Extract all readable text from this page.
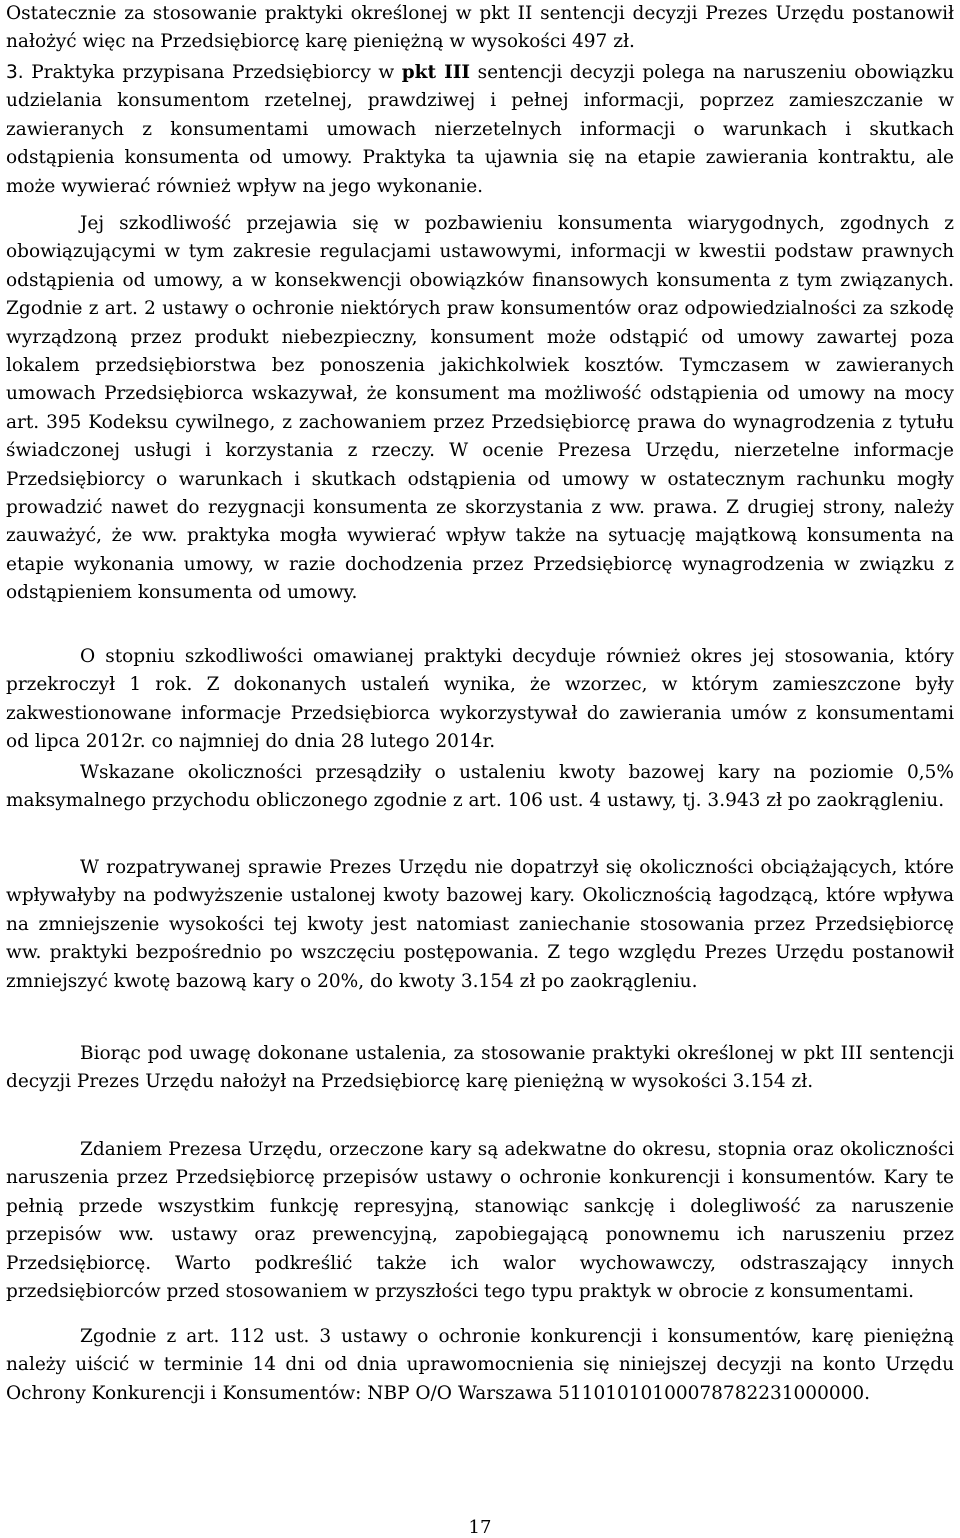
Ostatecznie za stosowanie praktyki określonej w pkt II sentencji decyzji Prezes Urzędu postanowił nałożyć więc na Przedsiębiorcę karę pieniężną w wysokości 497 zł.

3. Praktyka przypisana Przedsiębiorcy w pkt III sentencji decyzji polega na naruszeniu obowiązku udzielania konsumentom rzetelnej, prawdziwej i pełnej informacji, poprzez zamieszczanie w zawieranych z konsumentami umowach nierzetelnych informacji o warunkach i skutkach odstąpienia konsumenta od umowy. Praktyka ta ujawnia się na etapie zawierania kontraktu, ale może wywierać również wpływ na jego wykonanie.

Jej szkodliwość przejawia się w pozbawieniu konsumenta wiarygodnych, zgodnych z obowiązującymi w tym zakresie regulacjami ustawowymi, informacji w kwestii podstaw prawnych odstąpienia od umowy, a w konsekwencji obowiązków finansowych konsumenta z tym związanych. Zgodnie z art. 2 ustawy o ochronie niektórych praw konsumentów oraz odpowiedzialności za szkodę wyrządzoną przez produkt niebezpieczny, konsument może odstąpić od umowy zawartej poza lokalem przedsiębiorstwa bez ponoszenia jakichkolwiek kosztów. Tymczasem w zawieranych umowach Przedsiębiorca wskazywał, że konsument ma możliwość odstąpienia od umowy na mocy art. 395 Kodeksu cywilnego, z zachowaniem przez Przedsiębiorcę prawa do wynagrodzenia z tytułu świadczonej usługi i korzystania z rzeczy. W ocenie Prezesa Urzędu, nierzetelne informacje Przedsiębiorcy o warunkach i skutkach odstąpienia od umowy w ostatecznym rachunku mogły prowadzić nawet do rezygnacji konsumenta ze skorzystania z ww. prawa. Z drugiej strony, należy zauważyć, że ww. praktyka mogła wywierać wpływ także na sytuację majątkową konsumenta na etapie wykonania umowy, w razie dochodzenia przez Przedsiębiorcę wynagrodzenia w związku z odstąpieniem konsumenta od umowy.

O stopniu szkodliwości omawianej praktyki decyduje również okres jej stosowania, który przekroczył 1 rok. Z dokonanych ustaleń wynika, że wzorzec, w którym zamieszczone były zakwestionowane informacje Przedsiębiorca wykorzystywał do zawierania umów z konsumentami od lipca 2012r. co najmniej do dnia 28 lutego 2014r.

Wskazane okoliczności przesądziły o ustaleniu kwoty bazowej kary na poziomie 0,5% maksymalnego przychodu obliczonego zgodnie z art. 106 ust. 4 ustawy, tj. 3.943 zł po zaokrągleniu.

W rozpatrywanej sprawie Prezes Urzędu nie dopatrzył się okoliczności obciążających, które wpływałyby na podwyższenie ustalonej kwoty bazowej kary. Okolicznością łagodzącą, które wpływa na zmniejszenie wysokości tej kwoty jest natomiast zaniechanie stosowania przez Przedsiębiorcę ww. praktyki bezpośrednio po wszczęciu postępowania. Z tego względu Prezes Urzędu postanowił zmniejszyć kwotę bazową kary o 20%, do kwoty 3.154 zł po zaokrągleniu.

Biorąc pod uwagę dokonane ustalenia, za stosowanie praktyki określonej w pkt III sentencji decyzji Prezes Urzędu nałożył na Przedsiębiorcę karę pieniężną w wysokości 3.154 zł.

Zdaniem Prezesa Urzędu, orzeczone kary są adekwatne do okresu, stopnia oraz okoliczności naruszenia przez Przedsiębiorcę przepisów ustawy o ochronie konkurencji i konsumentów. Kary te pełnią przede wszystkim funkcję represyjną, stanowiąc sankcję i dolegliwość za naruszenie przepisów ww. ustawy oraz prewencyjną, zapobiegającą ponownemu ich naruszeniu przez Przedsiębiorcę. Warto podkreślić także ich walor wychowawczy, odstraszający innych przedsiębiorców przed stosowaniem w przyszłości tego typu praktyk w obrocie z konsumentami.

Zgodnie z art. 112 ust. 3 ustawy o ochronie konkurencji i konsumentów, karę pieniężną należy uiścić w terminie 14 dni od dnia uprawomocnienia się niniejszej decyzji na konto Urzędu Ochrony Konkurencji i Konsumentów: NBP O/O Warszawa 51101010100078782231000000.

17
